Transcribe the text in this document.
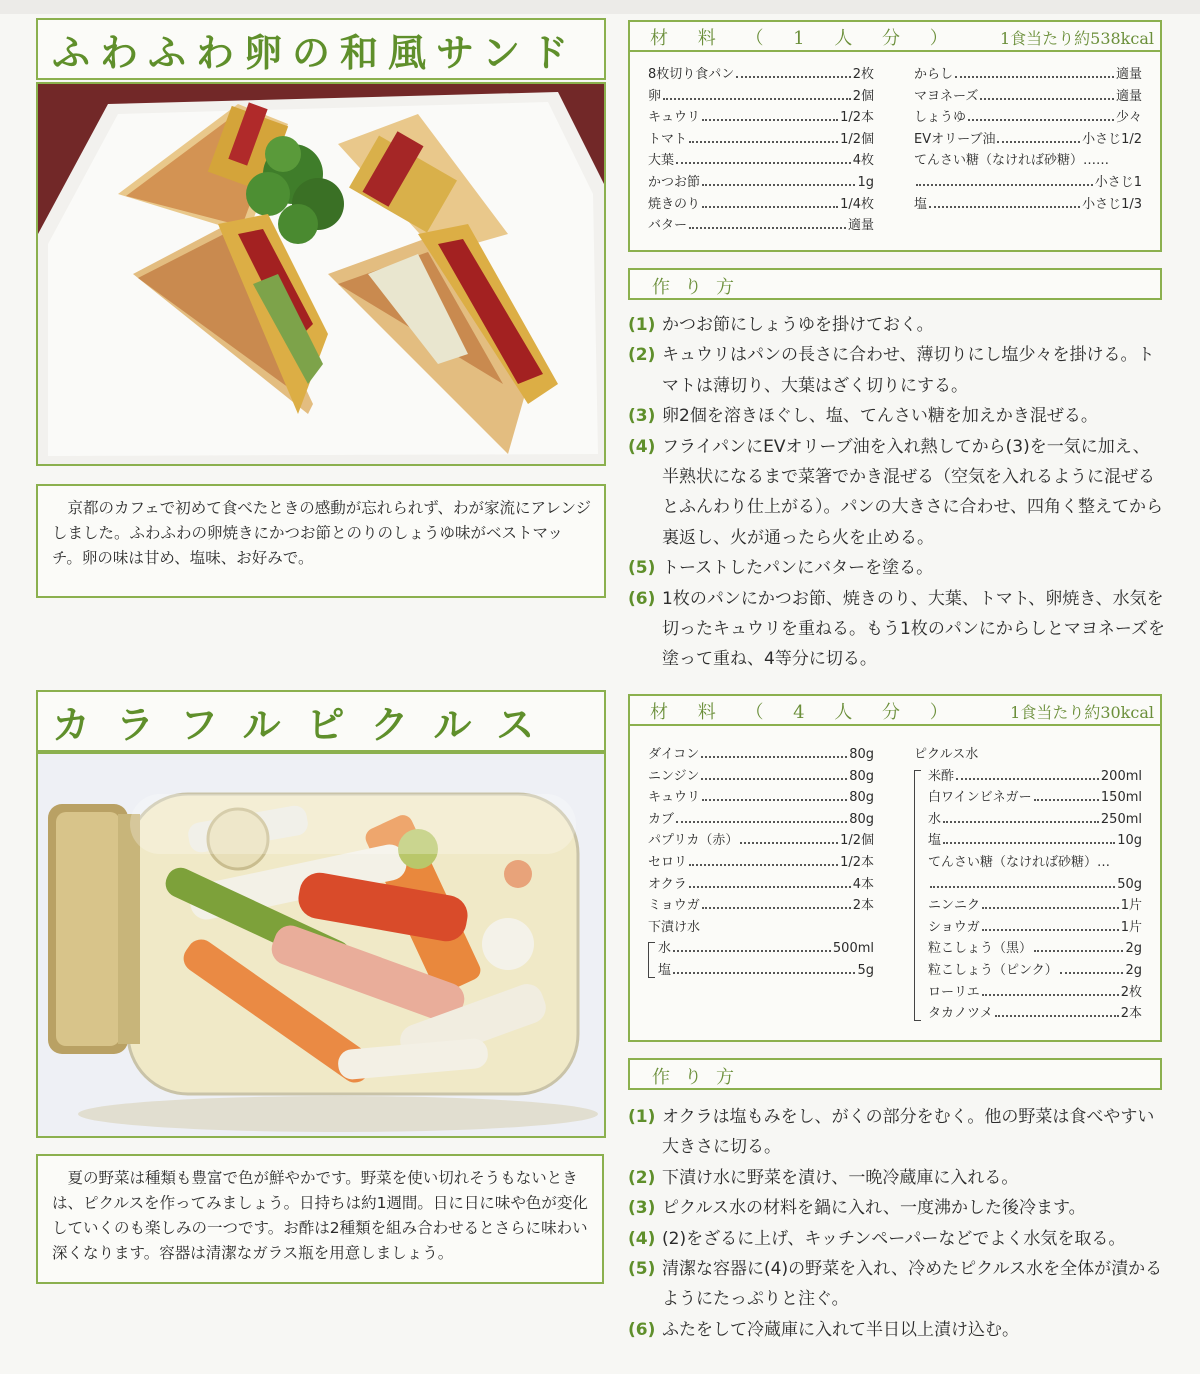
ふわふわ卵の和風サンド

京都のカフェで初めて食べたときの感動が忘れられず、わが家流にアレンジしました。ふわふわの卵焼きにかつお節とのりのしょうゆ味がベストマッチ。卵の味は甘め、塩味、お好みで。

材 料 （ 1 人 分 ）	1食当たり約538kcal
8枚切り食パン	2枚
卵	2個
キュウリ	1/2本
トマト	1/2個
大葉	4枚
かつお節	1g
焼きのり	1/4枚
バター	適量
からし	適量
マヨネーズ	適量
しょうゆ	少々
EVオリーブ油	小さじ1/2
てんさい糖（なければ砂糖）……
小さじ1
塩	小さじ1/3
作り方
(1) かつお節にしょうゆを掛けておく。
(2) キュウリはパンの長さに合わせ、薄切りにし塩少々を掛ける。トマトは薄切り、大葉はざく切りにする。
(3) 卵2個を溶きほぐし、塩、てんさい糖を加えかき混ぜる。
(4) フライパンにEVオリーブ油を入れ熱してから(3)を一気に加え、半熟状になるまで菜箸でかき混ぜる（空気を入れるように混ぜるとふんわり仕上がる）。パンの大きさに合わせ、四角く整えてから裏返し、火が通ったら火を止める。
(5) トーストしたパンにバターを塗る。
(6) 1枚のパンにかつお節、焼きのり、大葉、トマト、卵焼き、水気を切ったキュウリを重ねる。もう1枚のパンにからしとマヨネーズを塗って重ね、4等分に切る。
カラフルピクルス

夏の野菜は種類も豊富で色が鮮やかです。野菜を使い切れそうもないときは、ピクルスを作ってみましょう。日持ちは約1週間。日に日に味や色が変化していくのも楽しみの一つです。お酢は2種類を組み合わせるとさらに味わい深くなります。容器は清潔なガラス瓶を用意しましょう。

材 料 （ 4 人 分 ）	1食当たり約30kcal
ダイコン	80g
ニンジン	80g
キュウリ	80g
カブ	80g
パプリカ（赤）	1/2個
セロリ	1/2本
オクラ	4本
ミョウガ	2本
下漬け水
水	500ml
塩	5g
ピクルス水
米酢	200ml
白ワインビネガー	150ml
水	250ml
塩	10g
てんさい糖（なければ砂糖）…
50g
ニンニク	1片
ショウガ	1片
粒こしょう（黒）	2g
粒こしょう（ピンク）	2g
ローリエ	2枚
タカノツメ	2本
作り方
(1) オクラは塩もみをし、がくの部分をむく。他の野菜は食べやすい大きさに切る。
(2) 下漬け水に野菜を漬け、一晩冷蔵庫に入れる。
(3) ピクルス水の材料を鍋に入れ、一度沸かした後冷ます。
(4) (2)をざるに上げ、キッチンペーパーなどでよく水気を取る。
(5) 清潔な容器に(4)の野菜を入れ、冷めたピクルス水を全体が漬かるようにたっぷりと注ぐ。
(6) ふたをして冷蔵庫に入れて半日以上漬け込む。
